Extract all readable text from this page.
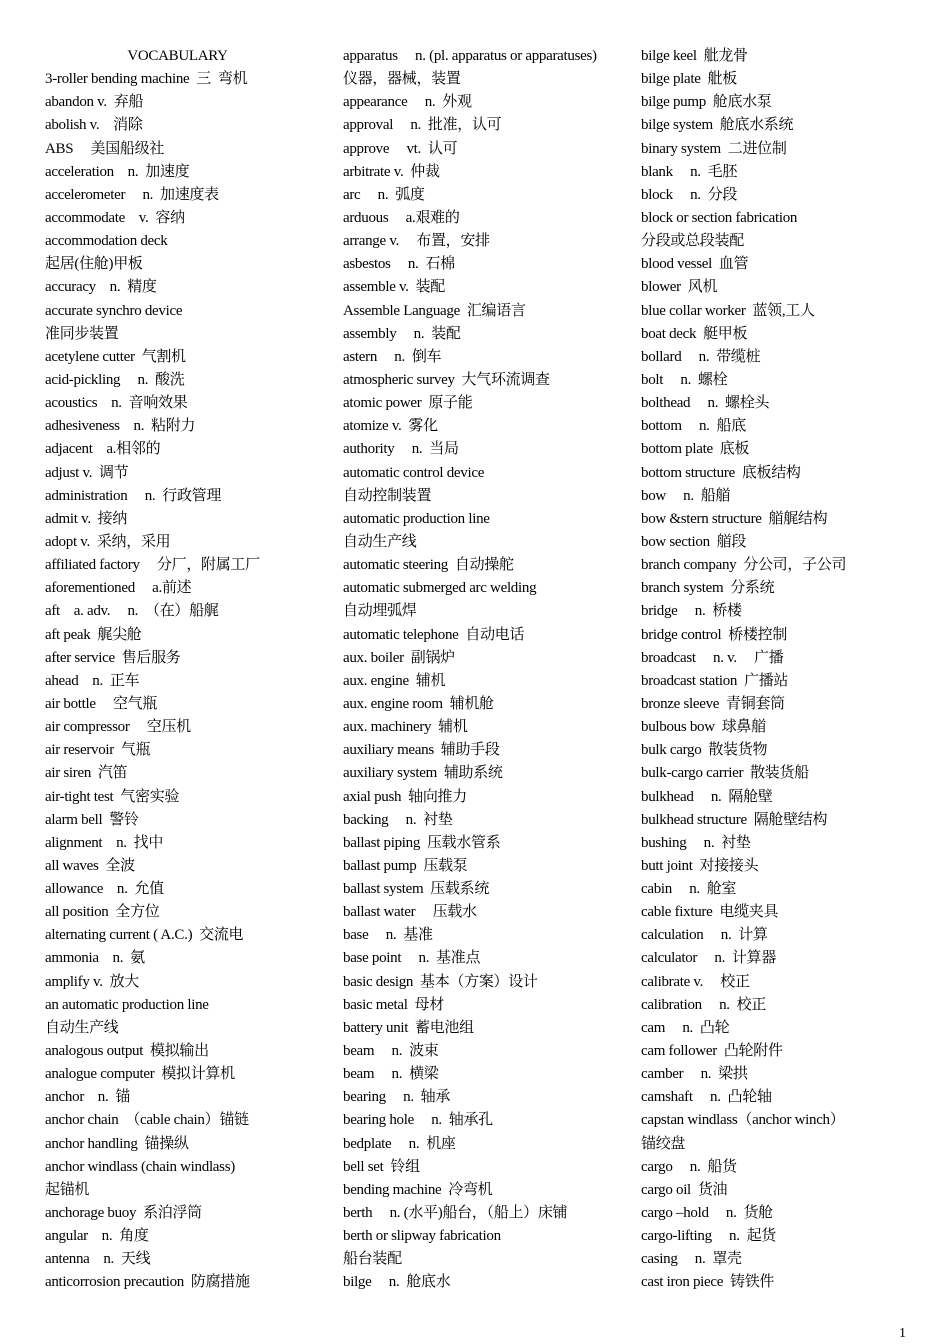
VOCABULARY
3-roller bending machine  三  弯机
abandon v.  弃船
abolish v.    消除
ABS     美国船级社
acceleration    n.  加速度
accelerometer     n.  加速度表
accommodate    v.  容纳
accommodation deck
起居(住舱)甲板
accuracy    n.  精度
accurate synchro device
准同步装置
acetylene cutter  气割机
acid-pickling     n.  酸洗
acoustics    n.  音响效果
adhesiveness    n.  粘附力
adjacent    a.相邻的
adjust v.  调节
administration     n.  行政管理
admit v.  接纳
adopt v.  采纳，采用
affiliated factory     分厂，附属工厂
aforementioned     a.前述
aft    a. adv.     n.  （在）船艉
aft peak  艉尖舱
after service  售后服务
ahead    n.  正车
air bottle     空气瓶
air compressor     空压机
air reservoir  气瓶
air siren  汽笛
air-tight test  气密实验
alarm bell  警铃
alignment    n.  找中
all waves  全波
allowance    n.  允值
all position  全方位
alternating current ( A.C.)  交流电
ammonia    n.  氨
amplify v.  放大
an automatic production line
自动生产线
analogous output  模拟输出
analogue computer  模拟计算机
anchor    n.  锚
anchor chain  （cable chain）锚链
anchor handling  锚操纵
anchor windlass (chain windlass)
起锚机
anchorage buoy  系泊浮筒
angular    n.  角度
antenna    n.  天线
anticorrosion precaution  防腐措施
apparatus     n. (pl. apparatus or apparatuses)
仪器，器械，装置
appearance     n.  外观
approval     n.  批准，认可
approve     vt.  认可
arbitrate v.  仲裁
arc     n.  弧度
arduous     a.艰难的
arrange v.     布置，安排
asbestos     n.  石棉
assemble v.  装配
Assemble Language  汇编语言
assembly     n.  装配
astern     n.  倒车
atmospheric survey  大气环流调查
atomic power  原子能
atomize v.  雾化
authority     n.  当局
automatic control device
自动控制装置
automatic production line
自动生产线
automatic steering  自动操舵
automatic submerged arc welding
自动埋弧焊
automatic telephone  自动电话
aux. boiler  副锅炉
aux. engine  辅机
aux. engine room  辅机舱
aux. machinery  辅机
auxiliary means  辅助手段
auxiliary system  辅助系统
axial push  轴向推力
backing     n.  衬垫
ballast piping  压载水管系
ballast pump  压载泵
ballast system  压载系统
ballast water     压载水
base     n.  基准
base point     n.  基准点
basic design  基本（方案）设计
basic metal  母材
battery unit  蓄电池组
beam     n.  波束
beam     n.  横梁
bearing     n.  轴承
bearing hole     n.  轴承孔
bedplate     n.  机座
bell set  铃组
bending machine  冷弯机
berth     n. (水平)船台，（船上）床铺
berth or slipway fabrication
船台装配
bilge     n.  舱底水
bilge keel  舭龙骨
bilge plate  舭板
bilge pump  舱底水泵
bilge system  舱底水系统
binary system  二进位制
blank     n.  毛胚
block     n.  分段
block or section fabrication
分段或总段装配
blood vessel  血管
blower  风机
blue collar worker  蓝领,工人
boat deck  艇甲板
bollard     n.  带缆桩
bolt     n.  螺栓
bolthead     n.  螺栓头
bottom     n.  船底
bottom plate  底板
bottom structure  底板结构
bow     n.  船艏
bow &stern structure  艏艉结构
bow section  艏段
branch company  分公司，子公司
branch system  分系统
bridge     n.  桥楼
bridge control  桥楼控制
broadcast     n. v.     广播
broadcast station  广播站
bronze sleeve  青铜套筒
bulbous bow  球鼻艏
bulk cargo  散装货物
bulk-cargo carrier  散装货船
bulkhead     n.  隔舱壁
bulkhead structure  隔舱壁结构
bushing     n.  衬垫
butt joint  对接接头
cabin     n.  舱室
cable fixture  电缆夹具
calculation     n.  计算
calculator     n.  计算器
calibrate v.     校正
calibration     n.  校正
cam     n.  凸轮
cam follower  凸轮附件
camber     n.  梁拱
camshaft     n.  凸轮轴
capstan windlass（anchor winch）
锚绞盘
cargo     n.  船货
cargo oil  货油
cargo –hold     n.  货舱
cargo-lifting     n.  起货
casing     n.  罩壳
cast iron piece  铸铁件
1
